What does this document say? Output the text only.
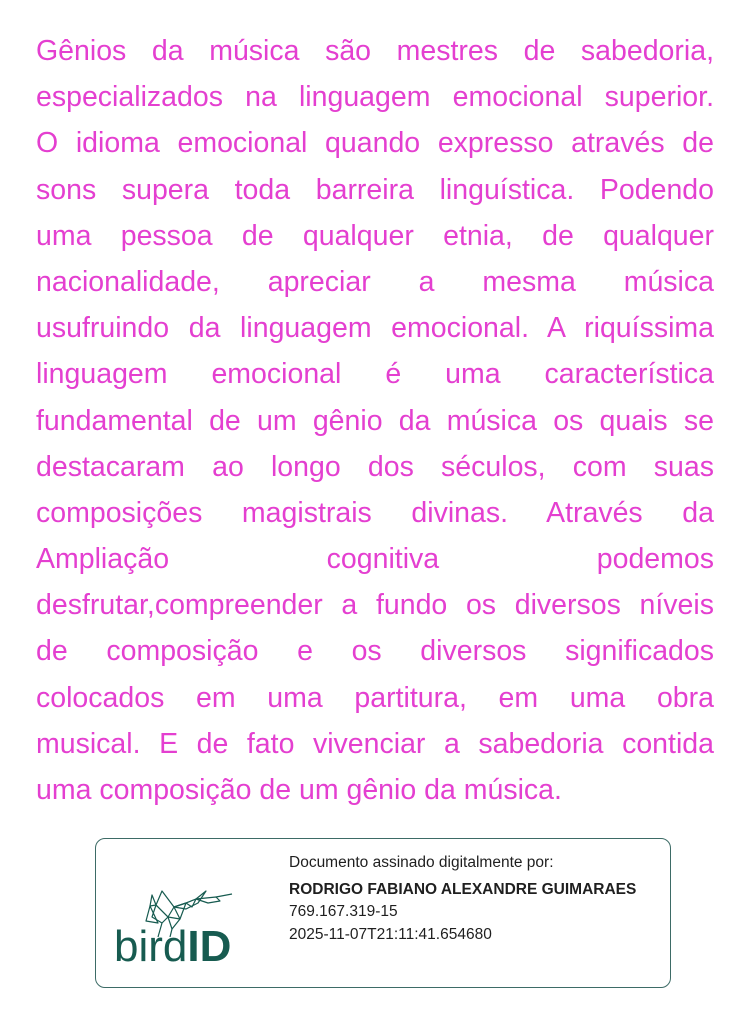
Gênios da música são mestres de sabedoria,
especializados na linguagem emocional superior.
O idioma emocional quando expresso através de
sons supera toda barreira linguística. Podendo
uma pessoa de qualquer etnia, de qualquer
nacionalidade, apreciar a mesma música
usufruindo da linguagem emocional. A riquíssima
linguagem emocional é uma característica
fundamental de um gênio da música os quais se
destacaram ao longo dos séculos, com suas
composições magistrais divinas. Através da
Ampliação cognitiva podemos
desfrutar,compreender a fundo os diversos níveis
de composição e os diversos significados
colocados em uma partitura, em uma obra
musical. E de fato vivenciar a sabedoria contida
uma composição de um gênio da música.
birdID
Documento assinado digitalmente por:
RODRIGO FABIANO ALEXANDRE GUIMARAES
769.167.319-15
2025-11-07T21:11:41.654680
